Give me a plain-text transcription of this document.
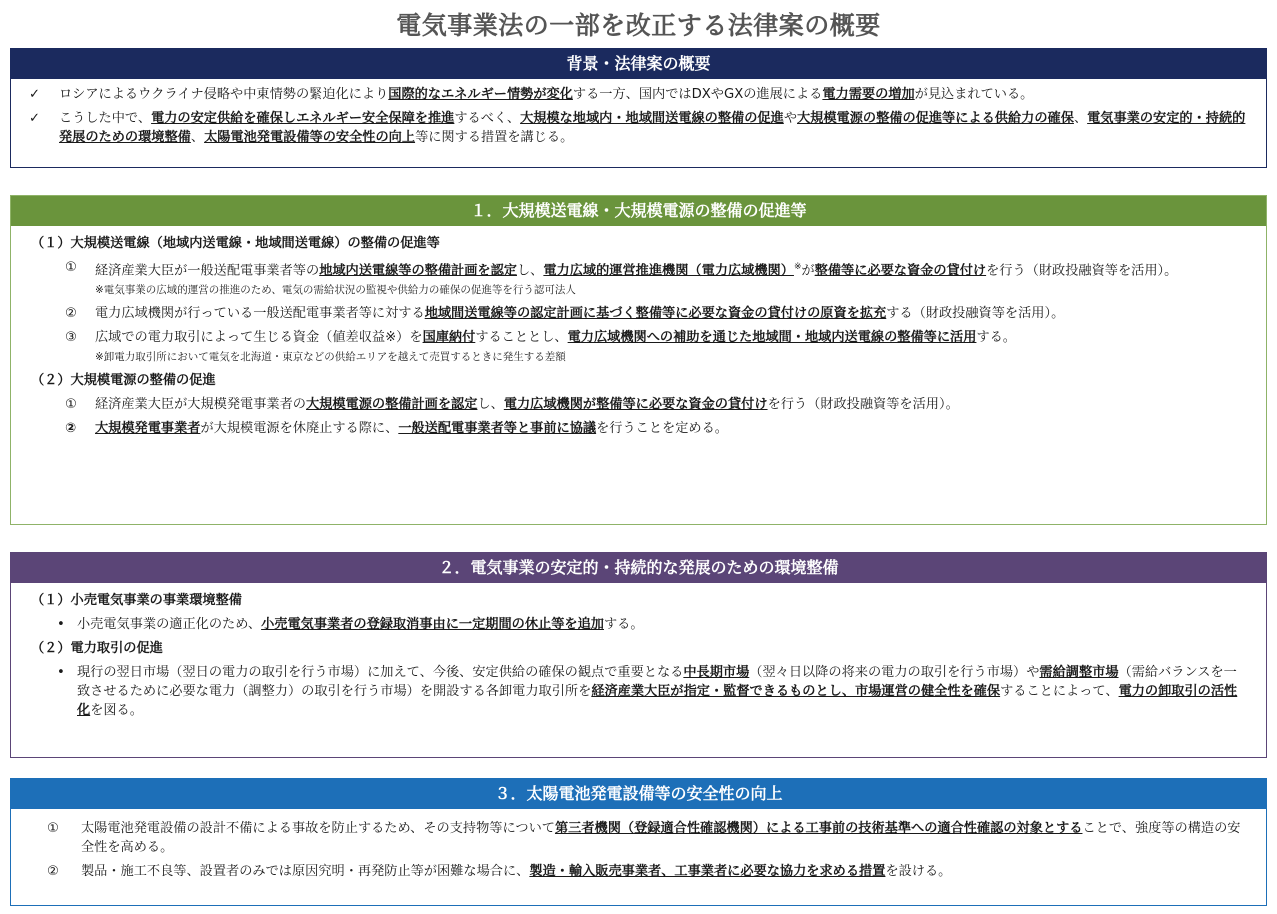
電気事業法の一部を改正する法律案の概要
背景・法律案の概要
✓	ロシアによるウクライナ侵略や中東情勢の緊迫化により国際的なエネルギー情勢が変化する一方、国内ではDXやGXの進展による電力需要の増加が見込まれている。
✓	こうした中で、電力の安定供給を確保しエネルギー安全保障を推進するべく、大規模な地域内・地域間送電線の整備の促進や大規模電源の整備の促進等による供給力の確保、電気事業の安定的・持続的発展のための環境整備、太陽電池発電設備等の安全性の向上等に関する措置を講じる。
１．大規模送電線・大規模電源の整備の促進等
（１）大規模送電線（地域内送電線・地域間送電線）の整備の促進等
①	経済産業大臣が一般送配電事業者等の地域内送電線等の整備計画を認定し、電力広域的運営推進機関（電力広域機関）※が整備等に必要な資金の貸付けを行う（財政投融資等を活用）。
※電気事業の広域的運営の推進のため、電気の需給状況の監視や供給力の確保の促進等を行う認可法人
②	電力広域機関が行っている一般送配電事業者等に対する地域間送電線等の認定計画に基づく整備等に必要な資金の貸付けの原資を拡充する（財政投融資等を活用）。
③	広域での電力取引によって生じる資金（値差収益※）を国庫納付することとし、電力広域機関への補助を通じた地域間・地域内送電線の整備等に活用する。
※卸電力取引所において電気を北海道・東京などの供給エリアを越えて売買するときに発生する差額
（２）大規模電源の整備の促進
①	経済産業大臣が大規模発電事業者の大規模電源の整備計画を認定し、電力広域機関が整備等に必要な資金の貸付けを行う（財政投融資等を活用）。
②	大規模発電事業者が大規模電源を休廃止する際に、一般送配電事業者等と事前に協議を行うことを定める。
２．電気事業の安定的・持続的な発展のための環境整備
（１）小売電気事業の事業環境整備
• 小売電気事業の適正化のため、小売電気事業者の登録取消事由に一定期間の休止等を追加する。
（２）電力取引の促進
• 現行の翌日市場（翌日の電力の取引を行う市場）に加えて、今後、安定供給の確保の観点で重要となる中長期市場（翌々日以降の将来の電力の取引を行う市場）や需給調整市場（需給バランスを一致させるために必要な電力（調整力）の取引を行う市場）を開設する各卸電力取引所を経済産業大臣が指定・監督できるものとし、市場運営の健全性を確保することによって、電力の卸取引の活性化を図る。
３．太陽電池発電設備等の安全性の向上
①	太陽電池発電設備の設計不備による事故を防止するため、その支持物等について第三者機関（登録適合性確認機関）による工事前の技術基準への適合性確認の対象とすることで、強度等の構造の安全性を高める。
②	製品・施工不良等、設置者のみでは原因究明・再発防止等が困難な場合に、製造・輸入販売事業者、工事業者に必要な協力を求める措置を設ける。
